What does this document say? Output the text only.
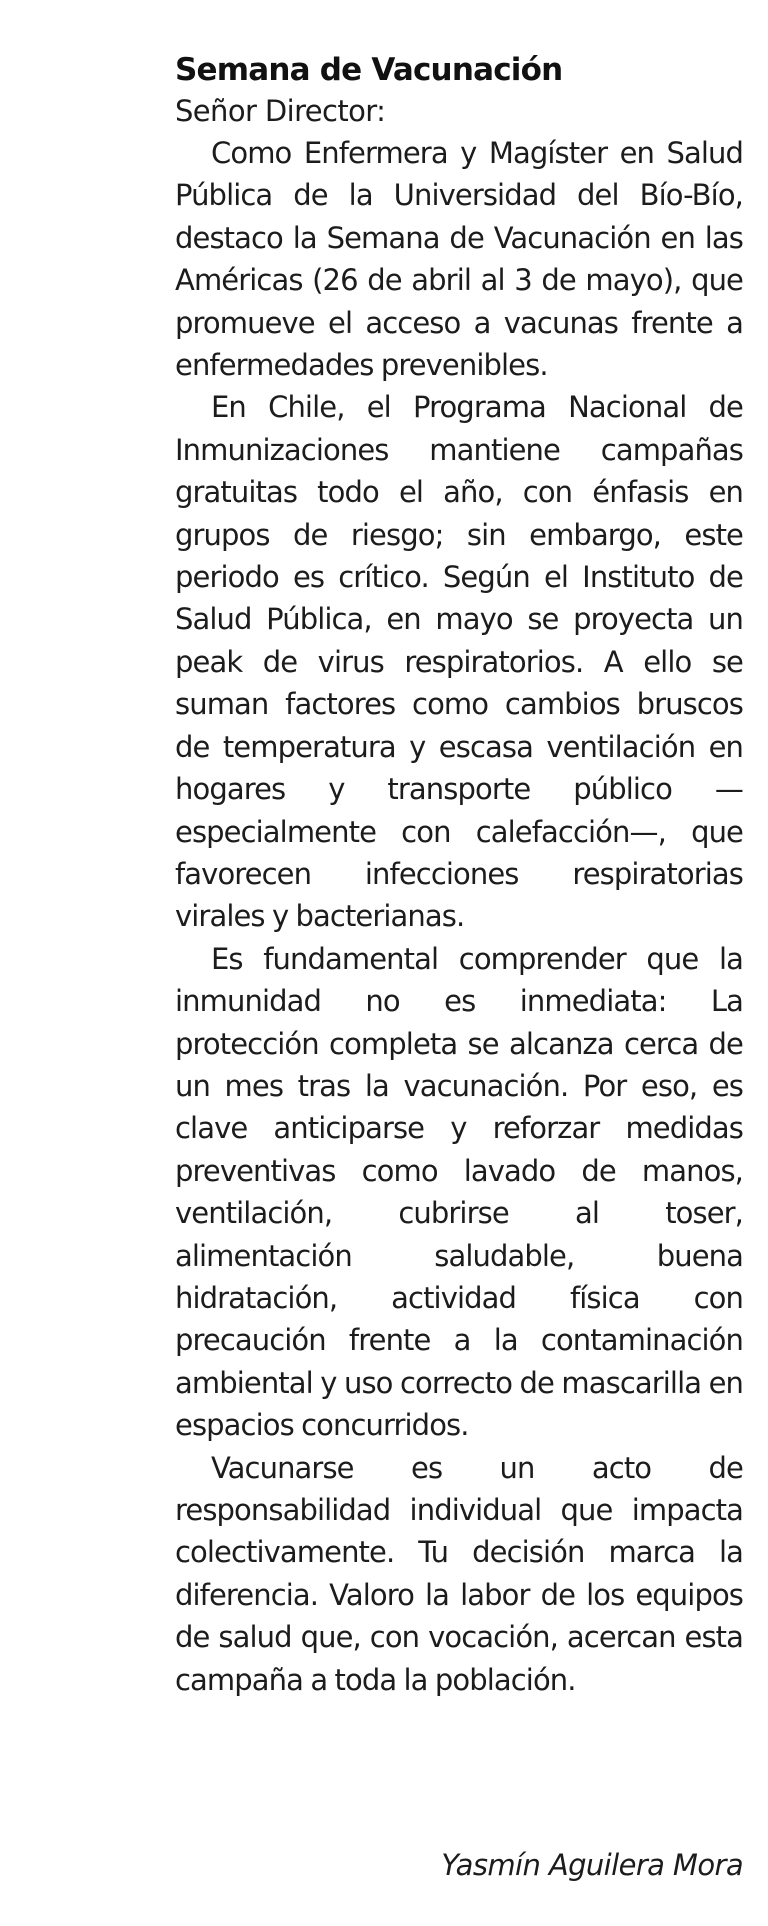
Semana de Vacunación

Señor Director:

Como Enfermera y Magíster en Salud Pública de la Universidad del Bío-Bío, destaco la Semana de Vacunación en las Américas (26 de abril al 3 de mayo), que promueve el acceso a vacunas frente a enfermedades prevenibles.

En Chile, el Programa Nacional de Inmunizaciones mantiene campañas gratuitas todo el año, con énfasis en grupos de riesgo; sin embargo, este periodo es crítico. Según el Instituto de Salud Pública, en mayo se proyecta un peak de virus respiratorios. A ello se suman factores como cambios bruscos de temperatura y escasa ventilación en hogares y transporte público —especialmente con calefacción—, que favorecen infecciones respiratorias virales y bacterianas.

Es fundamental comprender que la inmunidad no es inmediata: La protección completa se alcanza cerca de un mes tras la vacunación. Por eso, es clave anticiparse y reforzar medidas preventivas como lavado de manos, ventilación, cubrirse al toser, alimentación saludable, buena hidratación, actividad física con precaución frente a la contaminación ambiental y uso correcto de mascarilla en espacios concurridos.

Vacunarse es un acto de responsabilidad individual que impacta colectivamente. Tu decisión marca la diferencia. Valoro la labor de los equipos de salud que, con vocación, acercan esta campaña a toda la población.

Yasmín Aguilera Mora
